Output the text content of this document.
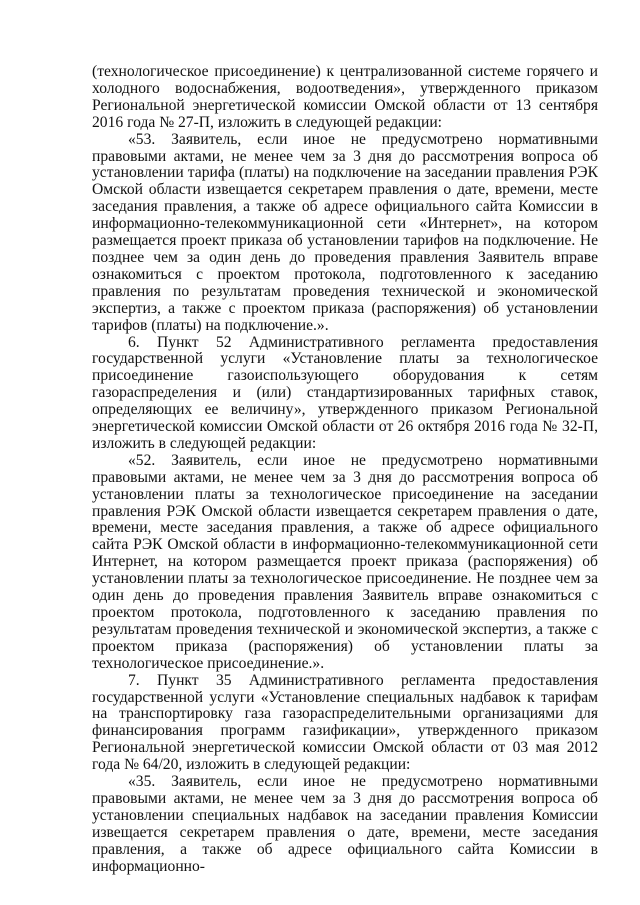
(технологическое присоединение) к централизованной системе горячего и холодного водоснабжения, водоотведения», утвержденного приказом Региональной энергетической комиссии Омской области от 13 сентября 2016 года № 27-П, изложить в следующей редакции:

«53. Заявитель, если иное не предусмотрено нормативными правовыми актами, не менее чем за 3 дня до рассмотрения вопроса об установлении тарифа (платы) на подключение на заседании правления РЭК Омской области извещается секретарем правления о дате, времени, месте заседания правления, а также об адресе официального сайта Комиссии в информационно-телекоммуникационной сети «Интернет», на котором размещается проект приказа об установлении тарифов на подключение. Не позднее чем за один день до проведения правления Заявитель вправе ознакомиться с проектом протокола, подготовленного к заседанию правления по результатам проведения технической и экономической экспертиз, а также с проектом приказа (распоряжения) об установлении тарифов (платы) на подключение.».

6. Пункт 52 Административного регламента предоставления государственной услуги «Установление платы за технологическое присоединение газоиспользующего оборудования к сетям газораспределения и (или) стандартизированных тарифных ставок, определяющих ее величину», утвержденного приказом Региональной энергетической комиссии Омской области от 26 октября 2016 года № 32-П, изложить в следующей редакции:

«52. Заявитель, если иное не предусмотрено нормативными правовыми актами, не менее чем за 3 дня до рассмотрения вопроса об установлении платы за технологическое присоединение на заседании правления РЭК Омской области извещается секретарем правления о дате, времени, месте заседания правления, а также об адресе официального сайта РЭК Омской области в информационно-телекоммуникационной сети Интернет, на котором размещается проект приказа (распоряжения) об установлении платы за технологическое присоединение. Не позднее чем за один день до проведения правления Заявитель вправе ознакомиться с проектом протокола, подготовленного к заседанию правления по результатам проведения технической и экономической экспертиз, а также с проектом приказа (распоряжения) об установлении платы за технологическое присоединение.».

7. Пункт 35 Административного регламента предоставления государственной услуги «Установление специальных надбавок к тарифам на транспортировку газа газораспределительными организациями для финансирования программ газификации», утвержденного приказом Региональной энергетической комиссии Омской области от 03 мая 2012 года № 64/20, изложить в следующей редакции:

«35. Заявитель, если иное не предусмотрено нормативными правовыми актами, не менее чем за 3 дня до рассмотрения вопроса об установлении специальных надбавок на заседании правления Комиссии извещается секретарем правления о дате, времени, месте заседания правления, а также об адресе официального сайта Комиссии в информационно-
